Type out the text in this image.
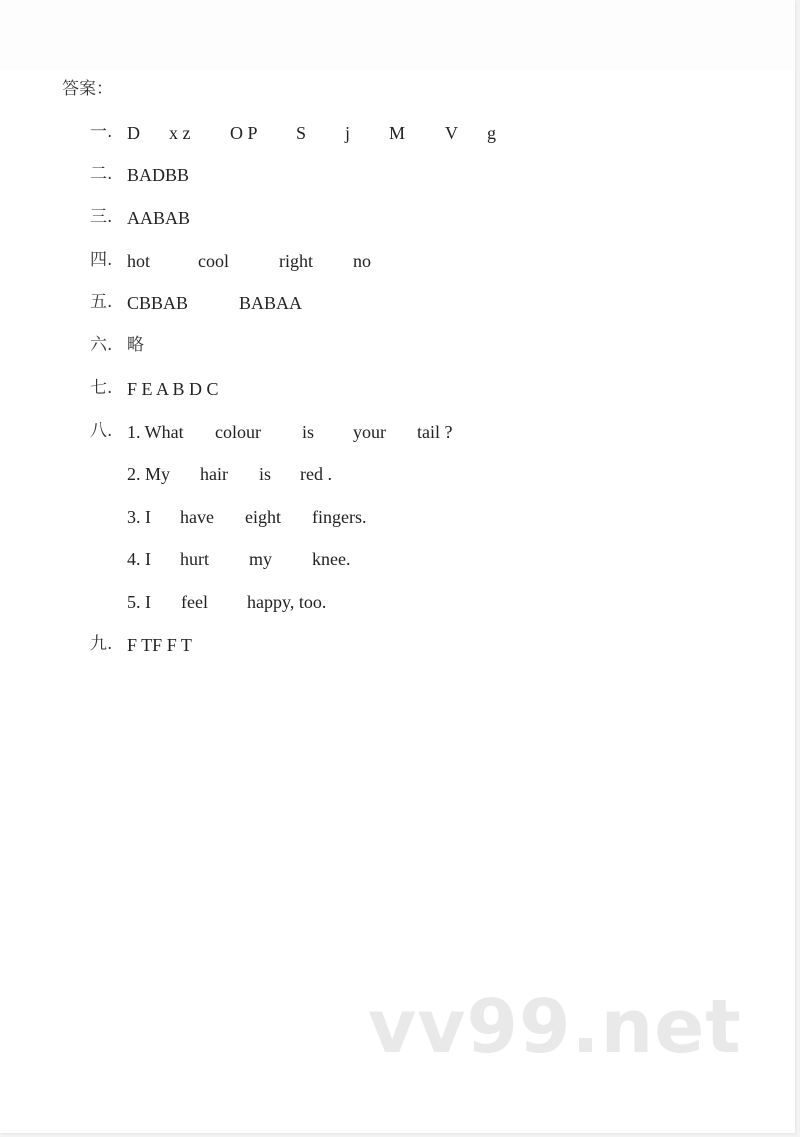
答案：
一. D x z O P S j M V g
二. BADBB
三. AABAB
四. hot	cool	right no
五. CBBAB	BABAA
六. 略
七. F E A B D C
八. 1. What colour is your tail ?
2. My hair is red .
3. I have eight fingers.
4. I hurt my knee.
5. I feel happy, too.
九. F TF F T
vv99.net
